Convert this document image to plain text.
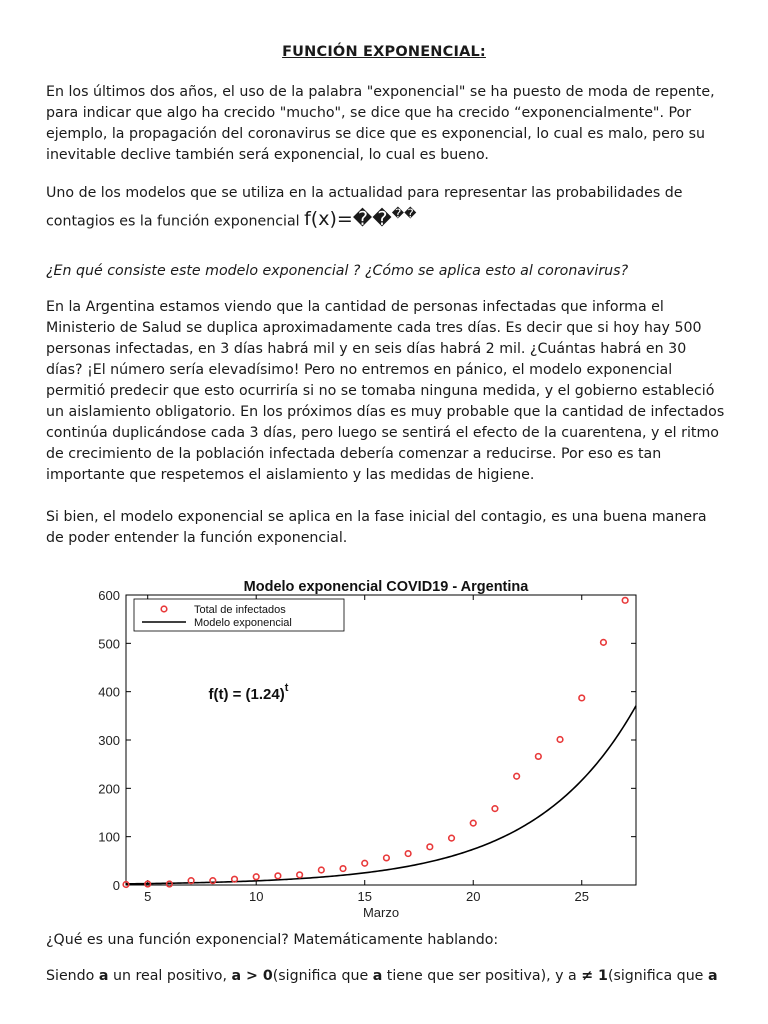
FUNCIÓN EXPONENCIAL:

En los últimos dos años, el uso de la palabra "exponencial" se ha puesto de moda de repente, para indicar que algo ha crecido "mucho", se dice que ha crecido “exponencialmente". Por ejemplo, la propagación del coronavirus se dice que es exponencial, lo cual es malo, pero su inevitable declive también será exponencial, lo cual es bueno.

Uno de los modelos que se utiliza en la actualidad para representar las probabilidades de contagios es la función exponencial f(x)=����

¿En qué consiste este modelo exponencial ? ¿Cómo se aplica esto al coronavirus?

En la Argentina estamos viendo que la cantidad de personas infectadas que informa el Ministerio de Salud se duplica aproximadamente cada tres días. Es decir que si hoy hay 500 personas infectadas, en 3 días habrá mil y en seis días habrá 2 mil. ¿Cuántas habrá en 30 días? ¡El número sería elevadísimo! Pero no entremos en pánico, el modelo exponencial permitió predecir que esto ocurriría si no se tomaba ninguna medida, y el gobierno estableció un aislamiento obligatorio. En los próximos días es muy probable que la cantidad de infectados continúa duplicándose cada 3 días, pero luego se sentirá el efecto de la cuarentena, y el ritmo de crecimiento de la población infectada debería comenzar a reducirse. Por eso es tan importante que respetemos el aislamiento y las medidas de higiene.

Si bien, el modelo exponencial se aplica en la fase inicial del contagio, es una buena manera de poder entender la función exponencial.

Modelo exponencial COVID19 - Argentina
0
100
200
300
400
500
600
5	10	15	20	25
$f(t) = (1.24)^t$
Total de infectados
Modelo exponencial
Marzo

¿Qué es una función exponencial? Matemáticamente hablando:

Siendo a un real positivo, a > 0(significa que a tiene que ser positiva), y a ≠ 1(significa que a
